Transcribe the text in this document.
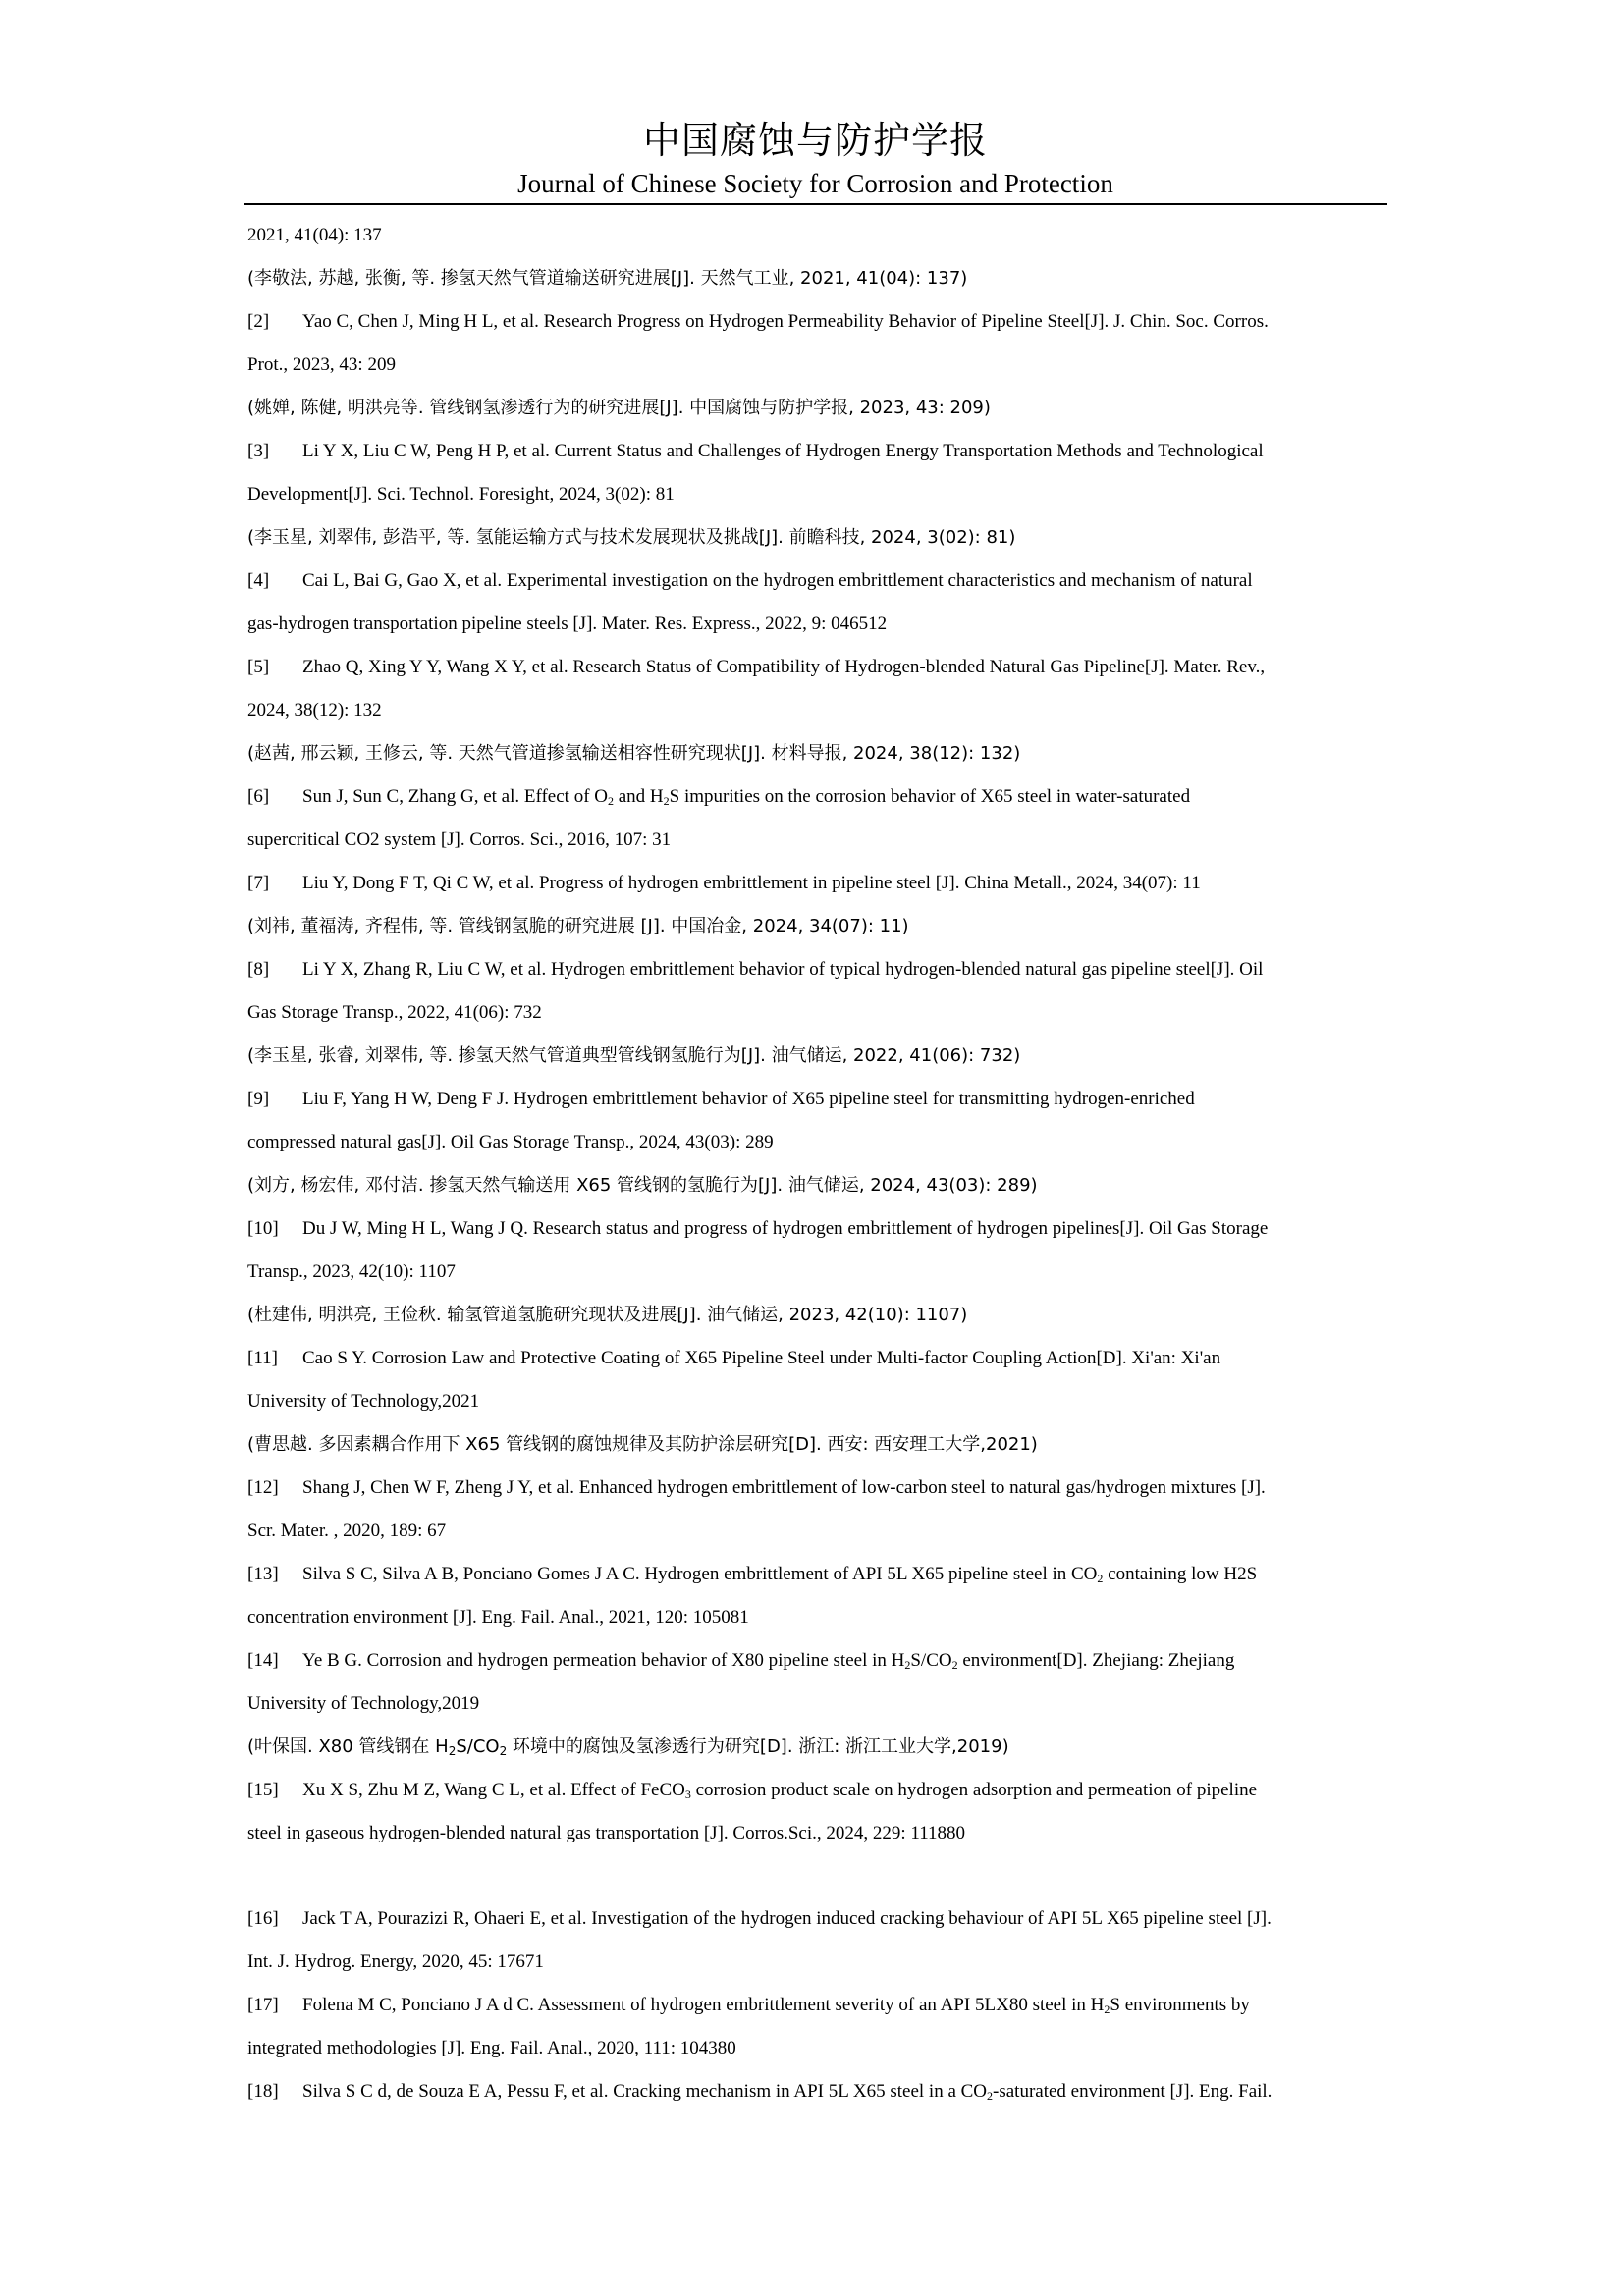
中国腐蚀与防护学报
Journal of Chinese Society for Corrosion and Protection
2021, 41(04): 137
(李敬法, 苏越, 张衡, 等. 掺氢天然气管道输送研究进展[J]. 天然气工业, 2021, 41(04): 137)
[2] Yao C, Chen J, Ming H L, et al. Research Progress on Hydrogen Permeability Behavior of Pipeline Steel[J]. J. Chin. Soc. Corros.
Prot., 2023, 43: 209
(姚婵, 陈健, 明洪亮等. 管线钢氢渗透行为的研究进展[J]. 中国腐蚀与防护学报, 2023, 43: 209)
[3] Li Y X, Liu C W, Peng H P, et al. Current Status and Challenges of Hydrogen Energy Transportation Methods and Technological
Development[J]. Sci. Technol. Foresight, 2024, 3(02): 81
(李玉星, 刘翠伟, 彭浩平, 等. 氢能运输方式与技术发展现状及挑战[J]. 前瞻科技, 2024, 3(02): 81)
[4] Cai L, Bai G, Gao X, et al. Experimental investigation on the hydrogen embrittlement characteristics and mechanism of natural
gas-hydrogen transportation pipeline steels [J]. Mater. Res. Express., 2022, 9: 046512
[5] Zhao Q, Xing Y Y, Wang X Y, et al. Research Status of Compatibility of Hydrogen-blended Natural Gas Pipeline[J]. Mater. Rev.,
2024, 38(12): 132
(赵茜, 邢云颖, 王修云, 等. 天然气管道掺氢输送相容性研究现状[J]. 材料导报, 2024, 38(12): 132)
[6] Sun J, Sun C, Zhang G, et al. Effect of $O_2$ and $H_2S$ impurities on the corrosion behavior of X65 steel in water-saturated
supercritical CO2 system [J]. Corros. Sci., 2016, 107: 31
[7] Liu Y, Dong F T, Qi C W, et al. Progress of hydrogen embrittlement in pipeline steel [J]. China Metall., 2024, 34(07): 11
(刘祎, 董福涛, 齐程伟, 等. 管线钢氢脆的研究进展 [J]. 中国冶金, 2024, 34(07): 11)
[8] Li Y X, Zhang R, Liu C W, et al. Hydrogen embrittlement behavior of typical hydrogen-blended natural gas pipeline steel[J]. Oil
Gas Storage Transp., 2022, 41(06): 732
(李玉星, 张睿, 刘翠伟, 等. 掺氢天然气管道典型管线钢氢脆行为[J]. 油气储运, 2022, 41(06): 732)
[9] Liu F, Yang H W, Deng F J. Hydrogen embrittlement behavior of X65 pipeline steel for transmitting hydrogen-enriched
compressed natural gas[J]. Oil Gas Storage Transp., 2024, 43(03): 289
(刘方, 杨宏伟, 邓付洁. 掺氢天然气输送用 X65 管线钢的氢脆行为[J]. 油气储运, 2024, 43(03): 289)
[10] Du J W, Ming H L, Wang J Q. Research status and progress of hydrogen embrittlement of hydrogen pipelines[J]. Oil Gas Storage
Transp., 2023, 42(10): 1107
(杜建伟, 明洪亮, 王俭秋. 输氢管道氢脆研究现状及进展[J]. 油气储运, 2023, 42(10): 1107)
[11] Cao S Y. Corrosion Law and Protective Coating of X65 Pipeline Steel under Multi-factor Coupling Action[D]. Xi'an: Xi'an
University of Technology,2021
(曹思越. 多因素耦合作用下 X65 管线钢的腐蚀规律及其防护涂层研究[D]. 西安: 西安理工大学,2021)
[12] Shang J, Chen W F, Zheng J Y, et al. Enhanced hydrogen embrittlement of low-carbon steel to natural gas/hydrogen mixtures [J].
Scr. Mater. , 2020, 189: 67
[13] Silva S C, Silva A B, Ponciano Gomes J A C. Hydrogen embrittlement of API 5L X65 pipeline steel in $CO_2$ containing low H2S
concentration environment [J]. Eng. Fail. Anal., 2021, 120: 105081
[14] Ye B G. Corrosion and hydrogen permeation behavior of X80 pipeline steel in $H_2S/CO_2$ environment[D]. Zhejiang: Zhejiang
University of Technology,2019
(叶保国. X80 管线钢在 $H_2S/CO_2$ 环境中的腐蚀及氢渗透行为研究[D]. 浙江: 浙江工业大学,2019)
[15] Xu X S, Zhu M Z, Wang C L, et al. Effect of FeCO$_3$ corrosion product scale on hydrogen adsorption and permeation of pipeline
steel in gaseous hydrogen-blended natural gas transportation [J]. Corros.Sci., 2024, 229: 111880
[16] Jack T A, Pourazizi R, Ohaeri E, et al. Investigation of the hydrogen induced cracking behaviour of API 5L X65 pipeline steel [J].
Int. J. Hydrog. Energy, 2020, 45: 17671
[17] Folena M C, Ponciano J A d C. Assessment of hydrogen embrittlement severity of an API 5LX80 steel in $H_2S$ environments by
integrated methodologies [J]. Eng. Fail. Anal., 2020, 111: 104380
[18] Silva S C d, de Souza E A, Pessu F, et al. Cracking mechanism in API 5L X65 steel in a $CO_2$-saturated environment [J]. Eng. Fail.
